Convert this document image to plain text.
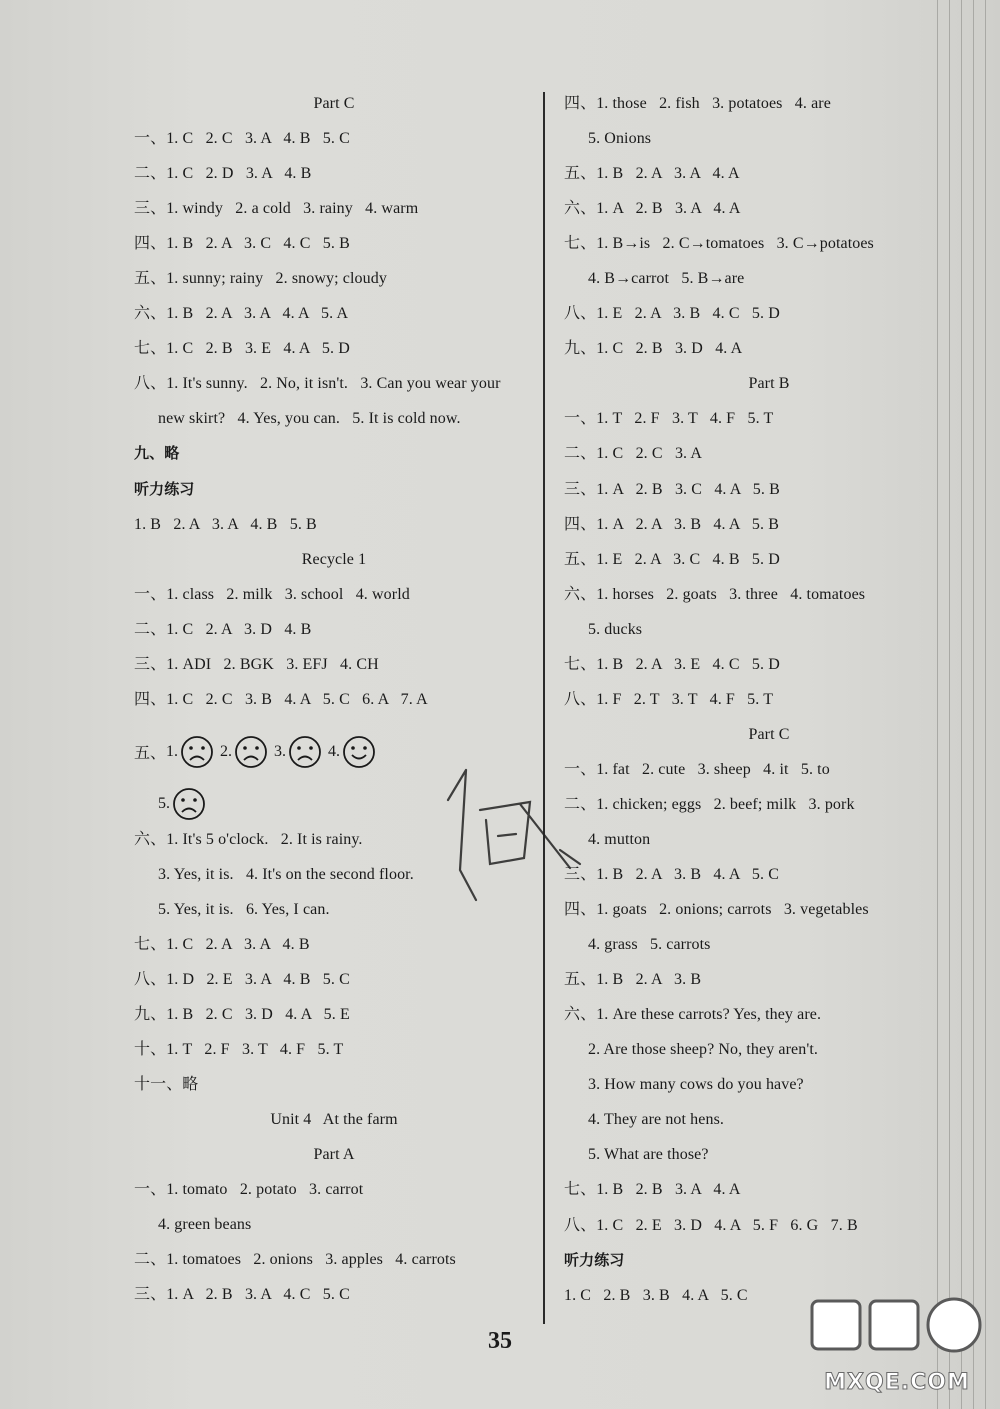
Part C
一、1. C   2. C   3. A   4. B   5. C
二、1. C   2. D   3. A   4. B
三、1. windy   2. a cold   3. rainy   4. warm
四、1. B   2. A   3. C   4. C   5. B
五、1. sunny; rainy   2. snowy; cloudy
六、1. B   2. A   3. A   4. A   5. A
七、1. C   2. B   3. E   4. A   5. D
八、1. It's sunny.   2. No, it isn't.   3. Can you wear your
new skirt?   4. Yes, you can.   5. It is cold now.
九、略
听力练习
1. B   2. A   3. A   4. B   5. B
Recycle 1
一、1. class   2. milk   3. school   4. world
二、1. C   2. A   3. D   4. B
三、1. ADI   2. BGK   3. EFJ   4. CH
四、1. C   2. C   3. B   4. A   5. C   6. A   7. A
五、 1.	2.	3.	4.
5.
六、1. It's 5 o'clock.   2. It is rainy.
3. Yes, it is.   4. It's on the second floor.
5. Yes, it is.   6. Yes, I can.
七、1. C   2. A   3. A   4. B
八、1. D   2. E   3. A   4. B   5. C
九、1. B   2. C   3. D   4. A   5. E
十、1. T   2. F   3. T   4. F   5. T
十一、略
Unit 4   At the farm
Part A
一、1. tomato   2. potato   3. carrot
4. green beans
二、1. tomatoes   2. onions   3. apples   4. carrots
三、1. A   2. B   3. A   4. C   5. C
四、1. those   2. fish   3. potatoes   4. are
5. Onions
五、1. B   2. A   3. A   4. A
六、1. A   2. B   3. A   4. A
七、1. B→is   2. C→tomatoes   3. C→potatoes
4. B→carrot   5. B→are
八、1. E   2. A   3. B   4. C   5. D
九、1. C   2. B   3. D   4. A
Part B
一、1. T   2. F   3. T   4. F   5. T
二、1. C   2. C   3. A
三、1. A   2. B   3. C   4. A   5. B
四、1. A   2. A   3. B   4. A   5. B
五、1. E   2. A   3. C   4. B   5. D
六、1. horses   2. goats   3. three   4. tomatoes
5. ducks
七、1. B   2. A   3. E   4. C   5. D
八、1. F   2. T   3. T   4. F   5. T
Part C
一、1. fat   2. cute   3. sheep   4. it   5. to
二、1. chicken; eggs   2. beef; milk   3. pork
4. mutton
三、1. B   2. A   3. B   4. A   5. C
四、1. goats   2. onions; carrots   3. vegetables
4. grass   5. carrots
五、1. B   2. A   3. B
六、1. Are these carrots? Yes, they are.
2. Are those sheep? No, they aren't.
3. How many cows do you have?
4. They are not hens.
5. What are those?
七、1. B   2. B   3. A   4. A
八、1. C   2. E   3. D   4. A   5. F   6. G   7. B
听力练习
1. C   2. B   3. B   4. A   5. C
35
MXQE.COM
